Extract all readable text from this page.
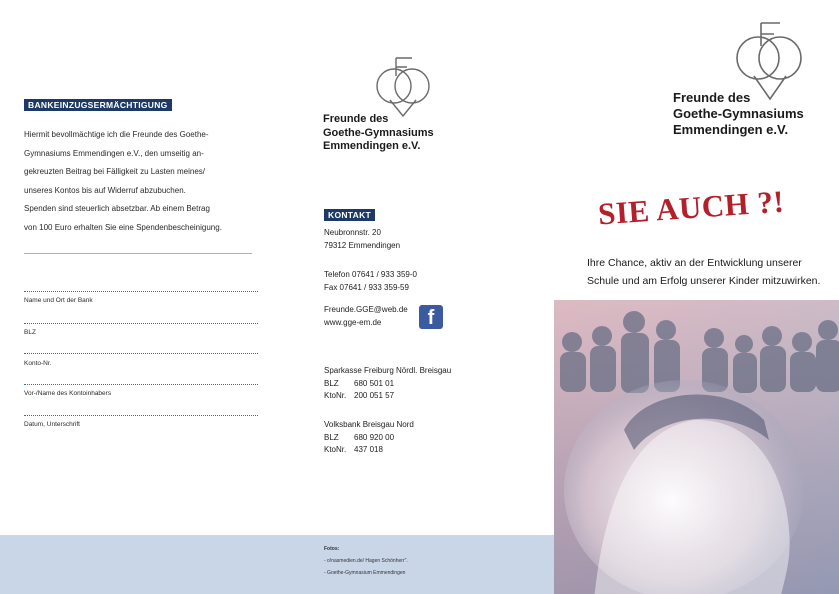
BANKEINZUGSERMÄCHTIGUNG
Hiermit bevollmächtige ich die Freunde des Goethe-
Gymnasiums Emmendingen e.V., den umseitig an-
gekreuzten Beitrag bei Fälligkeit zu Lasten meines/
unseres Kontos bis auf Widerruf abzubuchen.
Spenden sind steuerlich absetzbar. Ab einem Betrag
von 100 Euro erhalten Sie eine Spendenbescheinigung.
Name und Ort der Bank
BLZ
Konto-Nr.
Vor-/Name des Kontoinhabers
Datum, Unterschrift
Freunde des
Goethe-Gymnasiums
Emmendingen e.V.
KONTAKT
Neubronnstr. 20
79312 Emmendingen
Telefon 07641 / 933 359-0
Fax 07641 / 933 359-59
Freunde.GGE@web.de
www.gge-em.de	f
Sparkasse Freiburg Nördl. Breisgau
BLZ 680 501 01
KtoNr. 200 051 57
Volksbank Breisgau Nord
BLZ 680 920 00
KtoNr. 437 018
Fotos:
- o!nasmedien.de/ Hagen Schönherr".
- Goethe-Gymnasium Emmendingen
Freunde des
Goethe-Gymnasiums
Emmendingen e.V.
SIE AUCH ?!
Ihre Chance, aktiv an der Entwicklung unserer
Schule und am Erfolg unserer Kinder mitzuwirken.
